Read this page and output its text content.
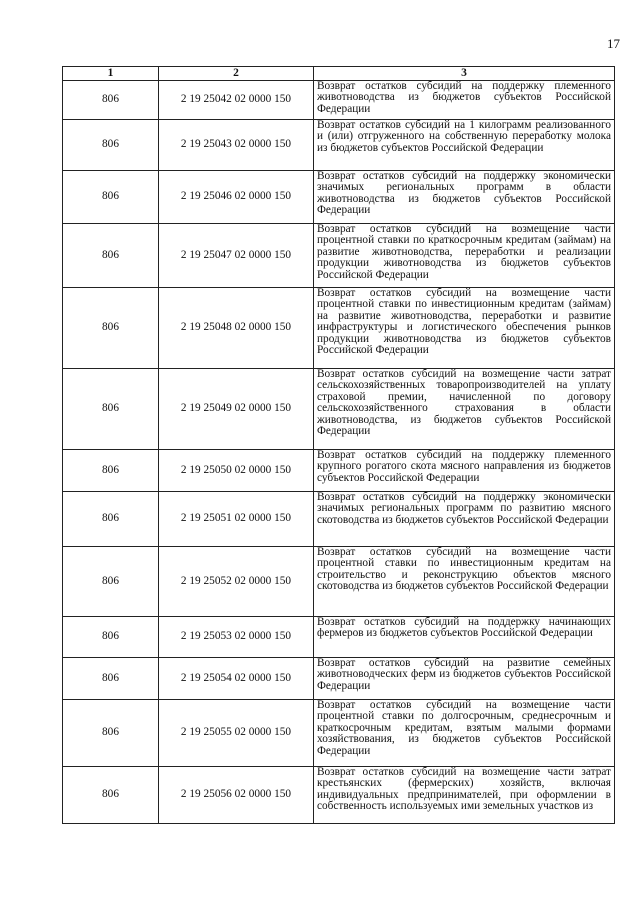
17
1	2	3
806	2 19 25042 02 0000 150	Возврат остатков субсидий на поддержку племенного животноводства из бюджетов субъектов Российской Федерации

806	2 19 25043 02 0000 150	Возврат остатков субсидий на 1 килограмм реализованного и (или) отгруженного на собственную переработку молока из бюджетов субъектов Российской Федерации

806	2 19 25046 02 0000 150	Возврат остатков субсидий на поддержку экономически значимых региональных программ в области животноводства из бюджетов субъектов Российской Федерации

806	2 19 25047 02 0000 150	Возврат остатков субсидий на возмещение части процентной ставки по краткосрочным кредитам (займам) на развитие животноводства, переработки и реализации продукции животноводства из бюджетов субъектов Российской Федерации

806	2 19 25048 02 0000 150	Возврат остатков субсидий на возмещение части процентной ставки по инвестиционным кредитам (займам) на развитие животноводства, переработки и развитие инфраструктуры и логистического обеспечения рынков продукции животноводства из бюджетов субъектов Российской Федерации

806	2 19 25049 02 0000 150	Возврат остатков субсидий на возмещение части затрат сельскохозяйственных товаропроизводителей на уплату страховой премии, начисленной по договору сельскохозяйственного страхования в области животноводства, из бюджетов субъектов Российской Федерации

806	2 19 25050 02 0000 150	Возврат остатков субсидий на поддержку племенного крупного рогатого скота мясного направления из бюджетов субъектов Российской Федерации

806	2 19 25051 02 0000 150	Возврат остатков субсидий на поддержку экономически значимых региональных программ по развитию мясного скотоводства из бюджетов субъектов Российской Федерации

806	2 19 25052 02 0000 150	Возврат остатков субсидий на возмещение части процентной ставки по инвестиционным кредитам на строительство и реконструкцию объектов мясного скотоводства из бюджетов субъектов Российской Федерации

806	2 19 25053 02 0000 150	Возврат остатков субсидий на поддержку начинающих фермеров из бюджетов субъектов Российской Федерации

806	2 19 25054 02 0000 150	Возврат остатков субсидий на развитие семейных животноводческих ферм из бюджетов субъектов Российской Федерации

806	2 19 25055 02 0000 150	Возврат остатков субсидий на возмещение части процентной ставки по долгосрочным, среднесрочным и краткосрочным кредитам, взятым малыми формами хозяйствования, из бюджетов субъектов Российской Федерации

806	2 19 25056 02 0000 150	Возврат остатков субсидий на возмещение части затрат крестьянских (фермерских) хозяйств, включая индивидуальных предпринимателей, при оформлении в собственность используемых ими земельных участков из
